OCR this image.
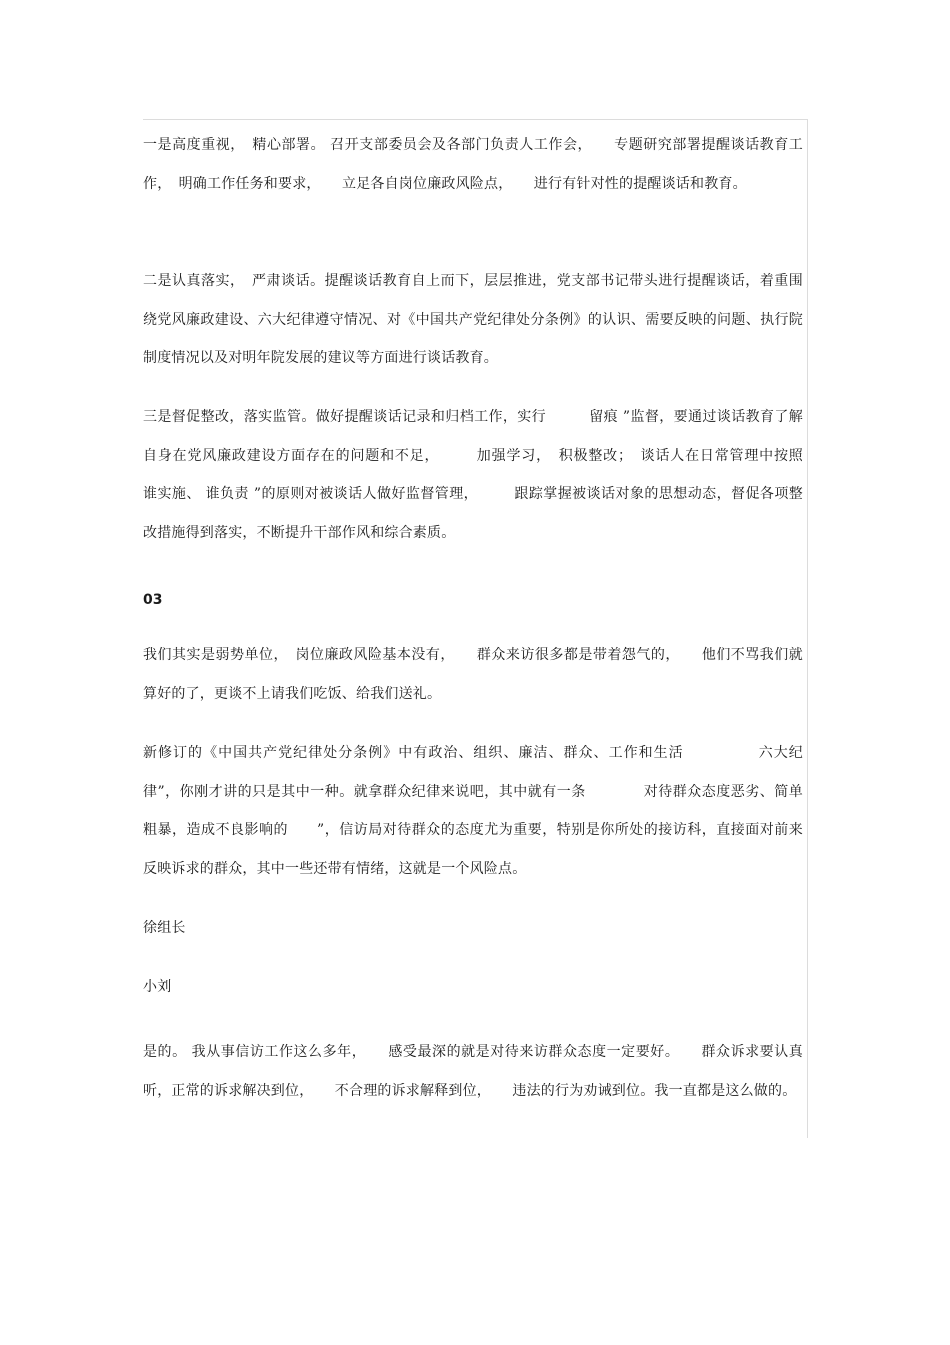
一是高度重视，　精心部署。 召开支部委员会及各部门负责人工作会，　　专题研究部署提醒谈话教育工作，　明确工作任务和要求，　　立足各自岗位廉政风险点，　　进行有针对性的提醒谈话和教育。

二是认真落实，　严肃谈话。提醒谈话教育自上而下，层层推进，党支部书记带头进行提醒谈话，着重围绕党风廉政建设、六大纪律遵守情况、对《中国共产党纪律处分条例》的认识、需要反映的问题、执行院制度情况以及对明年院发展的建议等方面进行谈话教育。

三是督促整改，落实监管。做好提醒谈话记录和归档工作，实行　　　留痕 ”监督，要通过谈话教育了解自身在党风廉政建设方面存在的问题和不足，　　　加强学习，　积极整改；　谈话人在日常管理中按照　谁实施、 谁负责 ”的原则对被谈话人做好监督管理，　　　跟踪掌握被谈话对象的思想动态，督促各项整改措施得到落实，不断提升干部作风和综合素质。

03

我们其实是弱势单位，　岗位廉政风险基本没有，　　群众来访很多都是带着怨气的，　　他们不骂我们就算好的了，更谈不上请我们吃饭、给我们送礼。

新修订的《中国共产党纪律处分条例》中有政治、组织、廉洁、群众、工作和生活　　　　　六大纪律”，你刚才讲的只是其中一种。就拿群众纪律来说吧，其中就有一条　　　　对待群众态度恶劣、简单粗暴，造成不良影响的　　”，信访局对待群众的态度尤为重要，特别是你所处的接访科，直接面对前来反映诉求的群众，其中一些还带有情绪，这就是一个风险点。

徐组长

小刘

是的。 我从事信访工作这么多年，　　感受最深的就是对待来访群众态度一定要好。　　群众诉求要认真听，正常的诉求解决到位，　　不合理的诉求解释到位，　　违法的行为劝诫到位。我一直都是这么做的。
